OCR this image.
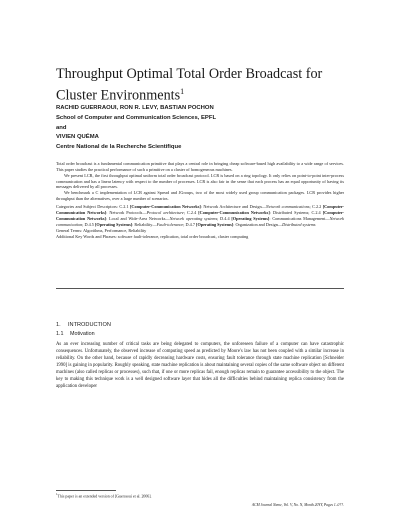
Throughput Optimal Total Order Broadcast for Cluster Environments$^1$
RACHID GUERRAOUI, RON R. LEVY, BASTIAN POCHON
School of Computer and Communication Sciences, EPFL
and
VIVIEN QUÉMA
Centre National de la Recherche Scientifique

Total order broadcast is a fundamental communication primitive that plays a central role in bringing cheap software-based high availability to a wide range of services. This paper studies the practical performance of such a primitive on a cluster of homogeneous machines.

We present LCR, the first throughput optimal uniform total order broadcast protocol. LCR is based on a ring topology. It only relies on point-to-point inter-process communication and has a linear latency with respect to the number of processes. LCR is also fair in the sense that each process has an equal opportunity of having its messages delivered by all processes.

We benchmark a C implementation of LCR against Spread and JGroups, two of the most widely used group communication packages. LCR provides higher throughput than the alternatives, over a large number of scenarios.

Categories and Subject Descriptors: C.2.1 [Computer-Communication Networks]: Network Architecture and Design—Network communications; C.2.2 [Computer-Communication Networks]: Network Protocols—Protocol architecture; C.2.4 [Computer-Communication Networks]: Distributed Systems; C.2.4 [Computer-Communication Networks]: Local and Wide-Area Networks—Network operating systems; D.4.4 [Operating Systems]: Communications Management—Network communication; D.4.5 [Operating Systems]: Reliability—Fault-tolerance; D.4.7 [Operating Systems]: Organization and Design—Distributed systems

General Terms: Algorithms, Performance, Reliability

Additional Key Words and Phrases: software fault-tolerance, replication, total order broadcast, cluster computing

1. INTRODUCTION
1.1 Motivation

As an ever increasing number of critical tasks are being delegated to computers, the unforeseen failure of a computer can have catastrophic consequences. Unfortunately, the observed increase of computing speed as predicted by Moore's law has not been coupled with a similar increase in reliability. On the other hand, because of rapidly decreasing hardware costs, ensuring fault tolerance through state machine replication [Schneider 1990] is gaining in popularity. Roughly speaking, state machine replication is about maintaining several copies of the same software object on different machines (also called replicas or processes), such that, if one or more replicas fail, enough replicas remain to guarantee accessibility to the object. The key to making this technique work is a well designed software layer that hides all the difficulties behind maintaining replica consistency from the application developer

$^1$This paper is an extended version of [Guerraoui et al. 2006].
ACM Journal Name, Vol. V, No. N, Month 20YY, Pages 1–0??.
